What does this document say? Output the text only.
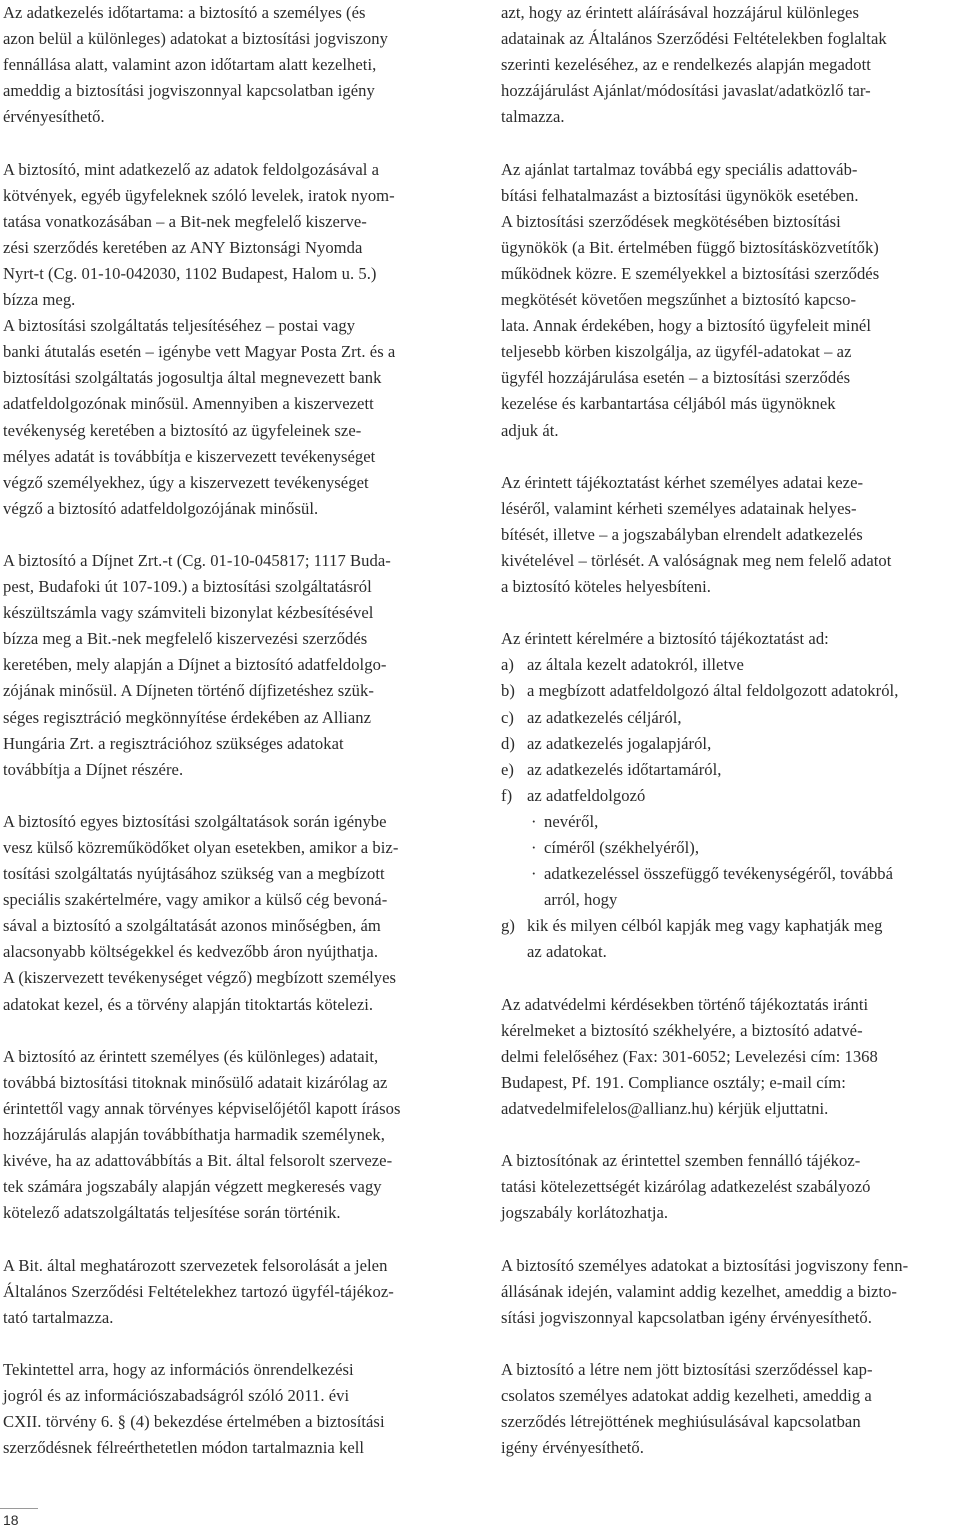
Az adatkezelés időtartama: a biztosító a személyes (és
azon belül a különleges) adatokat a biztosítási jogviszony
fennállása alatt, valamint azon időtartam alatt kezelheti,
ameddig a biztosítási jogviszonnyal kapcsolatban igény
érvényesíthető.

A biztosító, mint adatkezelő az adatok feldolgozásával a
kötvények, egyéb ügyfeleknek szóló levelek, iratok nyom-
tatása vonatkozásában – a Bit-nek megfelelő kiszerve-
zési szerződés keretében az ANY Biztonsági Nyomda
Nyrt-t (Cg. 01-10-042030, 1102 Budapest, Halom u. 5.)
bízza meg.
A biztosítási szolgáltatás teljesítéséhez – postai vagy
banki átutalás esetén – igénybe vett Magyar Posta Zrt. és a
biztosítási szolgáltatás jogosultja által megnevezett bank
adatfeldolgozónak minősül. Amennyiben a kiszervezett
tevékenység keretében a biztosító az ügyfeleinek sze-
mélyes adatát is továbbítja e kiszervezett tevékenységet
végző személyekhez, úgy a kiszervezett tevékenységet
végző a biztosító adatfeldolgozójának minősül.

A biztosító a Díjnet Zrt.-t (Cg. 01-10-045817; 1117 Buda-
pest, Budafoki út 107-109.) a biztosítási szolgáltatásról
készültszámla vagy számviteli bizonylat kézbesítésével
bízza meg a Bit.-nek megfelelő kiszervezési szerződés
keretében, mely alapján a Díjnet a biztosító adatfeldolgo-
zójának minősül. A Díjneten történő díjfizetéshez szük-
séges regisztráció megkönnyítése érdekében az Allianz
Hungária Zrt. a regisztrációhoz szükséges adatokat
továbbítja a Díjnet részére.

A biztosító egyes biztosítási szolgáltatások során igénybe
vesz külső közreműködőket olyan esetekben, amikor a biz-
tosítási szolgáltatás nyújtásához szükség van a megbízott
speciális szakértelmére, vagy amikor a külső cég bevoná-
sával a biztosító a szolgáltatását azonos minőségben, ám
alacsonyabb költségekkel és kedvezőbb áron nyújthatja.
A (kiszervezett tevékenységet végző) megbízott személyes
adatokat kezel, és a törvény alapján titoktartás kötelezi.

A biztosító az érintett személyes (és különleges) adatait,
továbbá biztosítási titoknak minősülő adatait kizárólag az
érintettől vagy annak törvényes képviselőjétől kapott írásos
hozzájárulás alapján továbbíthatja harmadik személynek,
kivéve, ha az adattovábbítás a Bit. által felsorolt szerveze-
tek számára jogszabály alapján végzett megkeresés vagy
kötelező adatszolgáltatás teljesítése során történik.

A Bit. által meghatározott szervezetek felsorolását a jelen
Általános Szerződési Feltételekhez tartozó ügyfél-tájékoz-
tató tartalmazza.

Tekintettel arra, hogy az információs önrendelkezési
jogról és az információszabadságról szóló 2011. évi
CXII. törvény 6. § (4) bekezdése értelmében a biztosítási
szerződésnek félreérthetetlen módon tartalmaznia kell

azt, hogy az érintett aláírásával hozzájárul különleges
adatainak az Általános Szerződési Feltételekben foglaltak
szerinti kezeléséhez, az e rendelkezés alapján megadott
hozzájárulást Ajánlat/módosítási javaslat/adatközlő tar-
talmazza.

Az ajánlat tartalmaz továbbá egy speciális adattováb-
bítási felhatalmazást a biztosítási ügynökök esetében.
A biztosítási szerződések megkötésében biztosítási
ügynökök (a Bit. értelmében függő biztosításközvetítők)
működnek közre. E személyekkel a biztosítási szerződés
megkötését követően megszűnhet a biztosító kapcso-
lata. Annak érdekében, hogy a biztosító ügyfeleit minél
teljesebb körben kiszolgálja, az ügyfél-adatokat – az
ügyfél hozzájárulása esetén – a biztosítási szerződés
kezelése és karbantartása céljából más ügynöknek
adjuk át.

Az érintett tájékoztatást kérhet személyes adatai keze-
léséről, valamint kérheti személyes adatainak helyes-
bítését, illetve – a jogszabályban elrendelt adatkezelés
kivételével – törlését. A valóságnak meg nem felelő adatot
a biztosító köteles helyesbíteni.

Az érintett kérelmére a biztosító tájékoztatást ad:

a) az általa kezelt adatokról, illetve
b) a megbízott adatfeldolgozó által feldolgozott adatokról,
c) az adatkezelés céljáról,
d) az adatkezelés jogalapjáról,
e) az adatkezelés időtartamáról,
f) az adatfeldolgozó
· nevéről,
· címéről (székhelyéről),
· adatkezeléssel összefüggő tevékenységéről, továbbá
arról, hogy
g) kik és milyen célból kapják meg vagy kaphatják meg
az adatokat.

Az adatvédelmi kérdésekben történő tájékoztatás iránti
kérelmeket a biztosító székhelyére, a biztosító adatvé-
delmi felelőséhez (Fax: 301-6052; Levelezési cím: 1368
Budapest, Pf. 191. Compliance osztály; e-mail cím:
adatvedelmifelelos@allianz.hu) kérjük eljuttatni.

A biztosítónak az érintettel szemben fennálló tájékoz-
tatási kötelezettségét kizárólag adatkezelést szabályozó
jogszabály korlátozhatja.

A biztosító személyes adatokat a biztosítási jogviszony fenn-
állásának idején, valamint addig kezelhet, ameddig a bizto-
sítási jogviszonnyal kapcsolatban igény érvényesíthető.

A biztosító a létre nem jött biztosítási szerződéssel kap-
csolatos személyes adatokat addig kezelheti, ameddig a
szerződés létrejöttének meghiúsulásával kapcsolatban
igény érvényesíthető.

18
